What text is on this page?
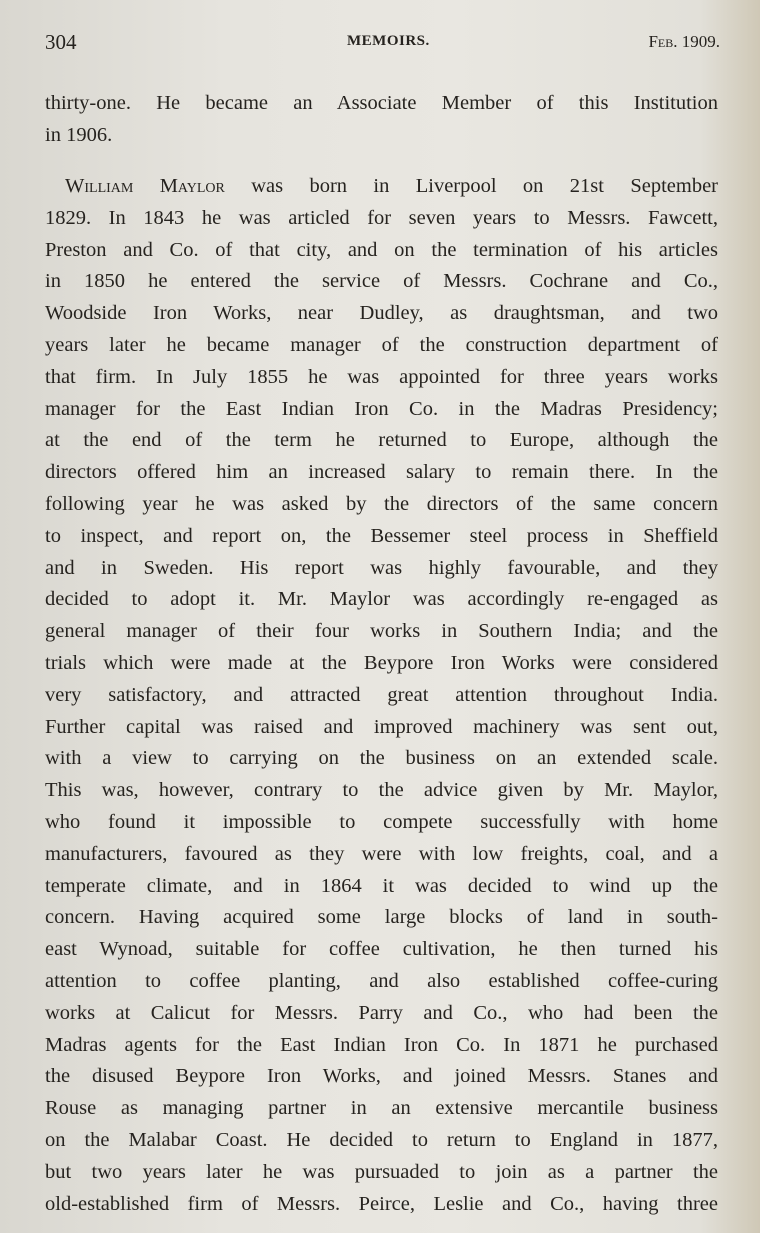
304	MEMOIRS.	Feb. 1909.
thirty-one. He became an Associate Member of this Institution
in 1906.
William Maylor was born in Liverpool on 21st September
1829. In 1843 he was articled for seven years to Messrs. Fawcett,
Preston and Co. of that city, and on the termination of his articles
in 1850 he entered the service of Messrs. Cochrane and Co.,
Woodside Iron Works, near Dudley, as draughtsman, and two
years later he became manager of the construction department of
that firm. In July 1855 he was appointed for three years works
manager for the East Indian Iron Co. in the Madras Presidency;
at the end of the term he returned to Europe, although the
directors offered him an increased salary to remain there. In the
following year he was asked by the directors of the same concern
to inspect, and report on, the Bessemer steel process in Sheffield
and in Sweden. His report was highly favourable, and they
decided to adopt it. Mr. Maylor was accordingly re-engaged as
general manager of their four works in Southern India; and the
trials which were made at the Beypore Iron Works were considered
very satisfactory, and attracted great attention throughout India.
Further capital was raised and improved machinery was sent out,
with a view to carrying on the business on an extended scale.
This was, however, contrary to the advice given by Mr. Maylor,
who found it impossible to compete successfully with home
manufacturers, favoured as they were with low freights, coal, and a
temperate climate, and in 1864 it was decided to wind up the
concern. Having acquired some large blocks of land in south-
east Wynoad, suitable for coffee cultivation, he then turned his
attention to coffee planting, and also established coffee-curing
works at Calicut for Messrs. Parry and Co., who had been the
Madras agents for the East Indian Iron Co. In 1871 he purchased
the disused Beypore Iron Works, and joined Messrs. Stanes and
Rouse as managing partner in an extensive mercantile business
on the Malabar Coast. He decided to return to England in 1877,
but two years later he was pursuaded to join as a partner the
old-established firm of Messrs. Peirce, Leslie and Co., having three
